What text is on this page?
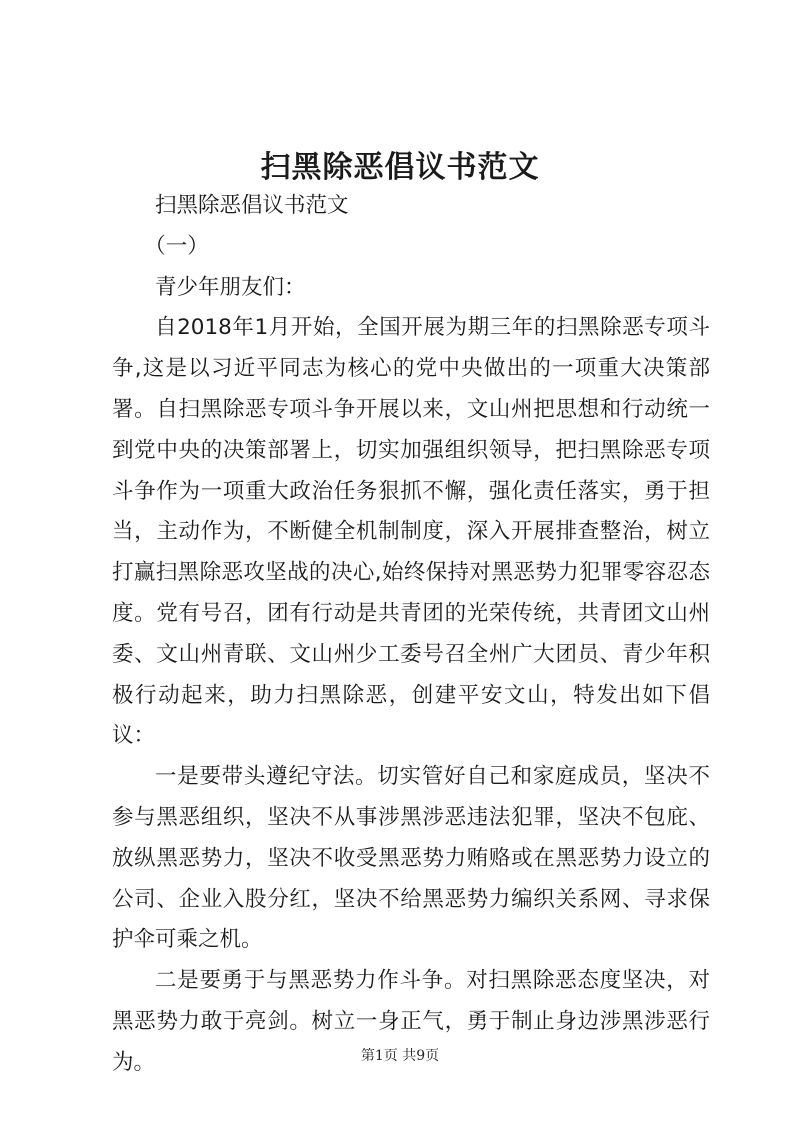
扫黑除恶倡议书范文

扫黑除恶倡议书范文

（一）

青少年朋友们：

自2018年1月开始，全国开展为期三年的扫黑除恶专项斗争,这是以习近平同志为核心的党中央做出的一项重大决策部署。自扫黑除恶专项斗争开展以来，文山州把思想和行动统一到党中央的决策部署上，切实加强组织领导，把扫黑除恶专项斗争作为一项重大政治任务狠抓不懈，强化责任落实，勇于担当，主动作为，不断健全机制制度，深入开展排查整治，树立打赢扫黑除恶攻坚战的决心,始终保持对黑恶势力犯罪零容忍态度。党有号召，团有行动是共青团的光荣传统，共青团文山州委、文山州青联、文山州少工委号召全州广大团员、青少年积极行动起来，助力扫黑除恶，创建平安文山，特发出如下倡议：

一是要带头遵纪守法。切实管好自己和家庭成员，坚决不参与黑恶组织，坚决不从事涉黑涉恶违法犯罪，坚决不包庇、放纵黑恶势力，坚决不收受黑恶势力贿赂或在黑恶势力设立的公司、企业入股分红，坚决不给黑恶势力编织关系网、寻求保护伞可乘之机。

二是要勇于与黑恶势力作斗争。对扫黑除恶态度坚决，对黑恶势力敢于亮剑。树立一身正气，勇于制止身边涉黑涉恶行为。	第1页 共9页
